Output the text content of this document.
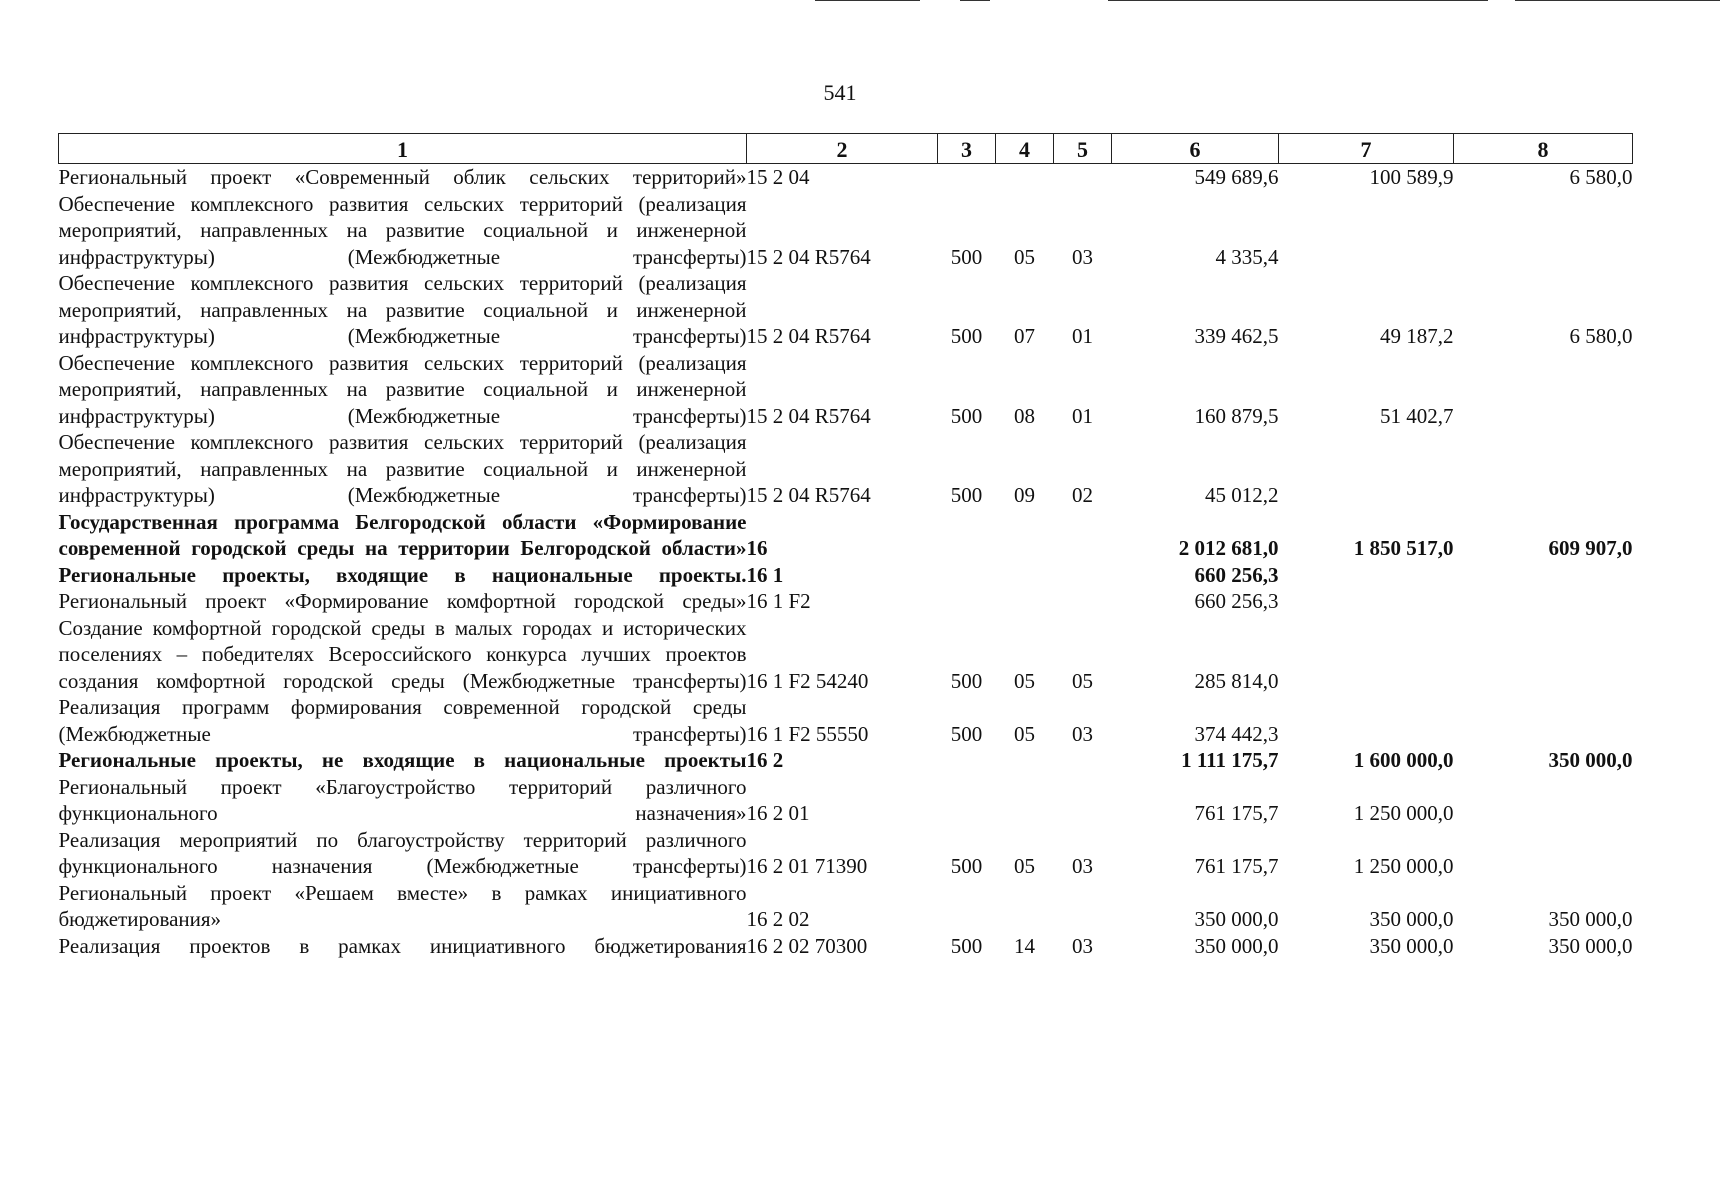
541
1	2	3	4	5	6	7	8
Региональный проект «Современный облик сельских территорий»	15 2 04				549 689,6	100 589,9	6 580,0
Обеспечение комплексного развития сельских территорий (реализация мероприятий, направленных на развитие социальной и инженерной инфраструктуры) (Межбюджетные трансферты)	15 2 04 R5764	500	05	03	4 335,4		
Обеспечение комплексного развития сельских территорий (реализация мероприятий, направленных на развитие социальной и инженерной инфраструктуры) (Межбюджетные трансферты)	15 2 04 R5764	500	07	01	339 462,5	49 187,2	6 580,0
Обеспечение комплексного развития сельских территорий (реализация мероприятий, направленных на развитие социальной и инженерной инфраструктуры) (Межбюджетные трансферты)	15 2 04 R5764	500	08	01	160 879,5	51 402,7	
Обеспечение комплексного развития сельских территорий (реализация мероприятий, направленных на развитие социальной и инженерной инфраструктуры) (Межбюджетные трансферты)	15 2 04 R5764	500	09	02	45 012,2		
Государственная программа Белгородской области «Формирование современной городской среды на территории Белгородской области»	16				2 012 681,0	1 850 517,0	609 907,0
Региональные проекты, входящие в национальные проекты.	16 1				660 256,3		
Региональный проект «Формирование комфортной городской среды»	16 1 F2				660 256,3		
Создание комфортной городской среды в малых городах и исторических поселениях – победителях Всероссийского конкурса лучших проектов создания комфортной городской среды (Межбюджетные трансферты)	16 1 F2 54240	500	05	05	285 814,0		
Реализация программ формирования современной городской среды (Межбюджетные трансферты)	16 1 F2 55550	500	05	03	374 442,3		
Региональные проекты, не входящие в национальные проекты	16 2				1 111 175,7	1 600 000,0	350 000,0
Региональный проект «Благоустройство территорий различного функционального назначения»	16 2 01				761 175,7	1 250 000,0	
Реализация мероприятий по благоустройству территорий различного функционального назначения (Межбюджетные трансферты)	16 2 01 71390	500	05	03	761 175,7	1 250 000,0	
Региональный проект «Решаем вместе» в рамках инициативного бюджетирования»	16 2 02				350 000,0	350 000,0	350 000,0
Реализация проектов в рамках инициативного бюджетирования	16 2 02 70300	500	14	03	350 000,0	350 000,0	350 000,0
